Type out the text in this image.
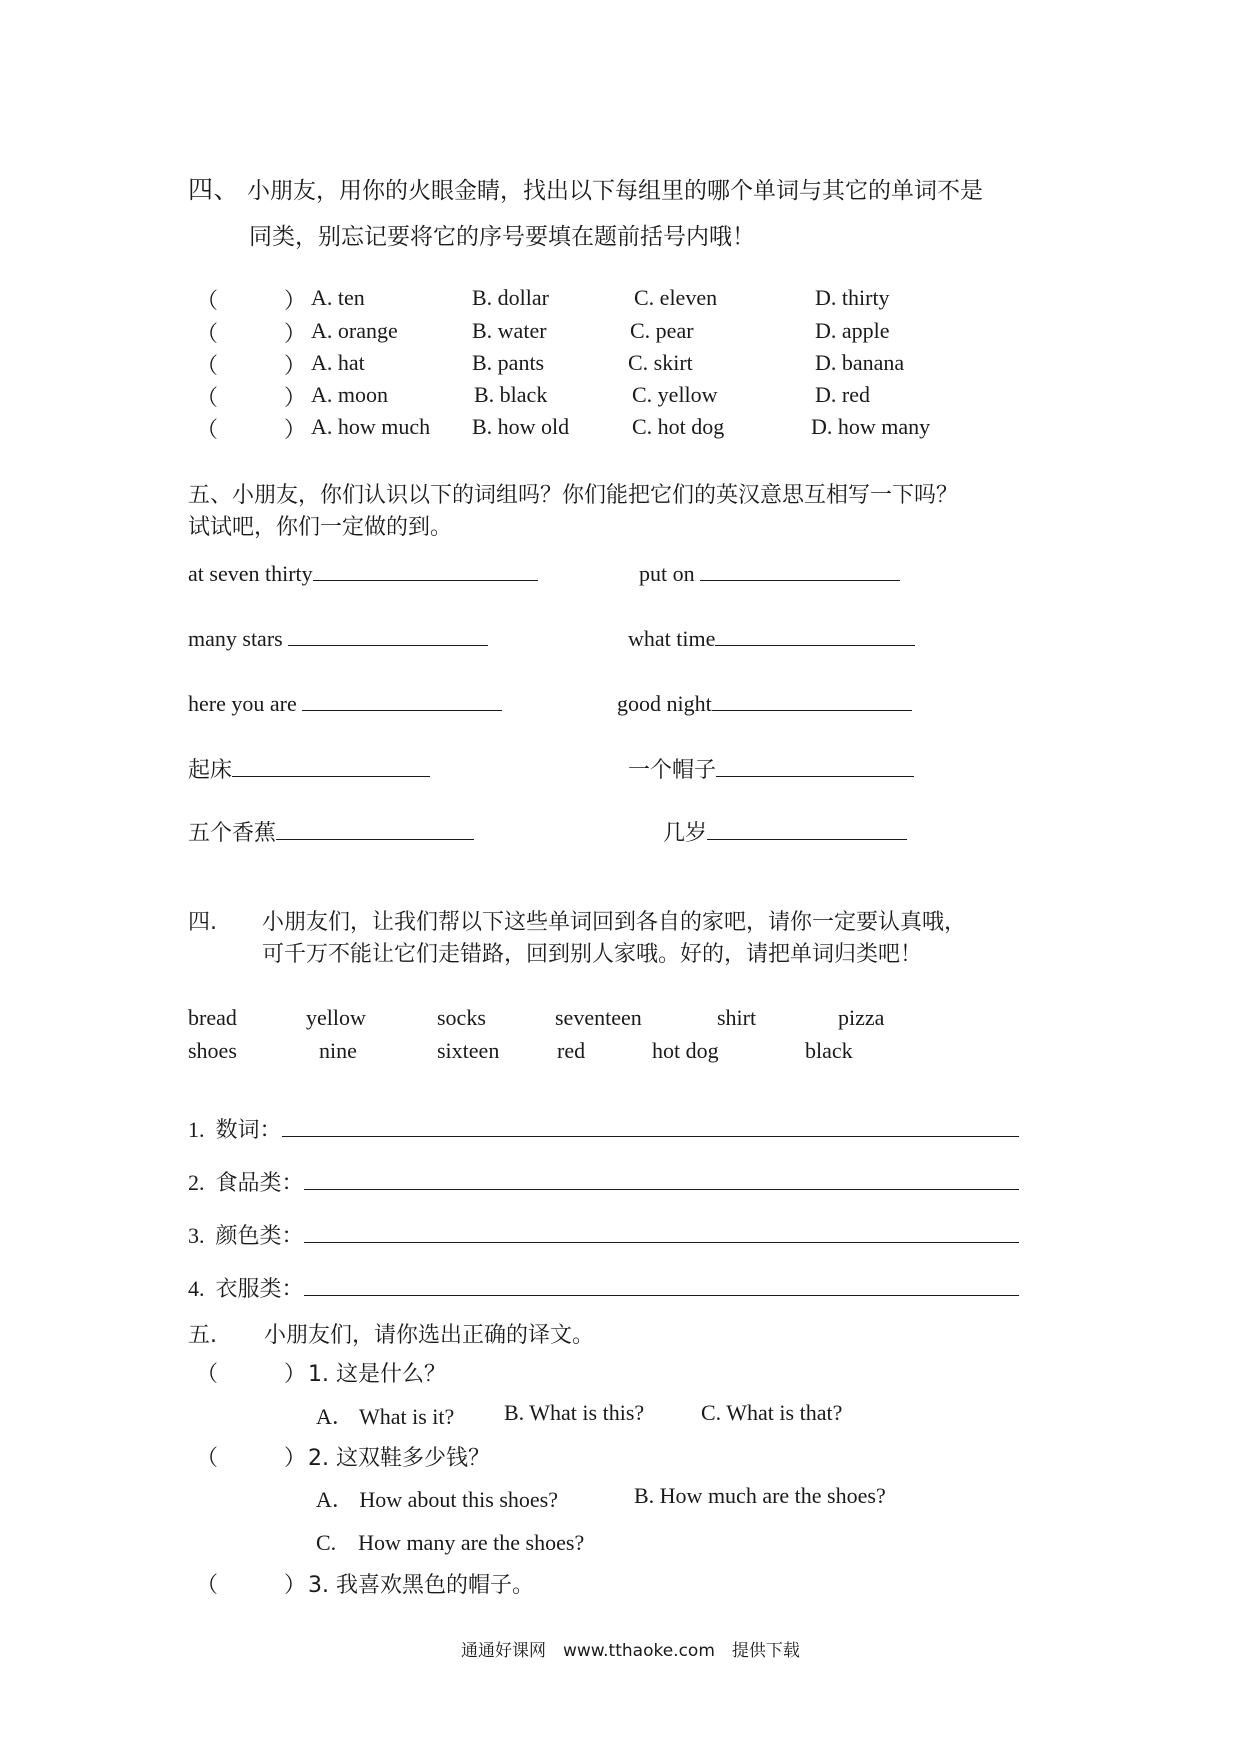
四、 小朋友，用你的火眼金睛，找出以下每组里的哪个单词与其它的单词不是
同类，别忘记要将它的序号要填在题前括号内哦！
（　　　） A. ten	B. dollar	C. eleven	D. thirty
（　　　） A. orange	B. water	C. pear	D. apple
（　　　） A. hat	B. pants	C. skirt	D. banana
（　　　） A. moon	B. black	C. yellow	D. red
（　　　） A. how much B. how old	C. hot dog	D. how many
五、小朋友，你们认识以下的词组吗？你们能把它们的英汉意思互相写一下吗？
试试吧，你们一定做的到。
at seven thirty	put on
many stars	what time
here you are	good night
起床	一个帽子
五个香蕉	几岁
四. 小朋友们，让我们帮以下这些单词回到各自的家吧，请你一定要认真哦，
可千万不能让它们走错路，回到别人家哦。好的，请把单词归类吧！
bread	yellow	socks	seventeen	shirt	pizza
shoes	nine	sixteen	red	hot dog	black
1. 数词：
2. 食品类：
3. 颜色类：
4. 衣服类：
五. 小朋友们，请你选出正确的译文。
（　　　） 1. 这是什么？
A． What is it? B. What is this?	C. What is that?
（　　　） 2. 这双鞋多少钱？
A． How about this shoes?	B. How much are the shoes?
C.　How many are the shoes?
（　　　） 3. 我喜欢黑色的帽子。
通通好课网　www.tthaoke.com　提供下载
